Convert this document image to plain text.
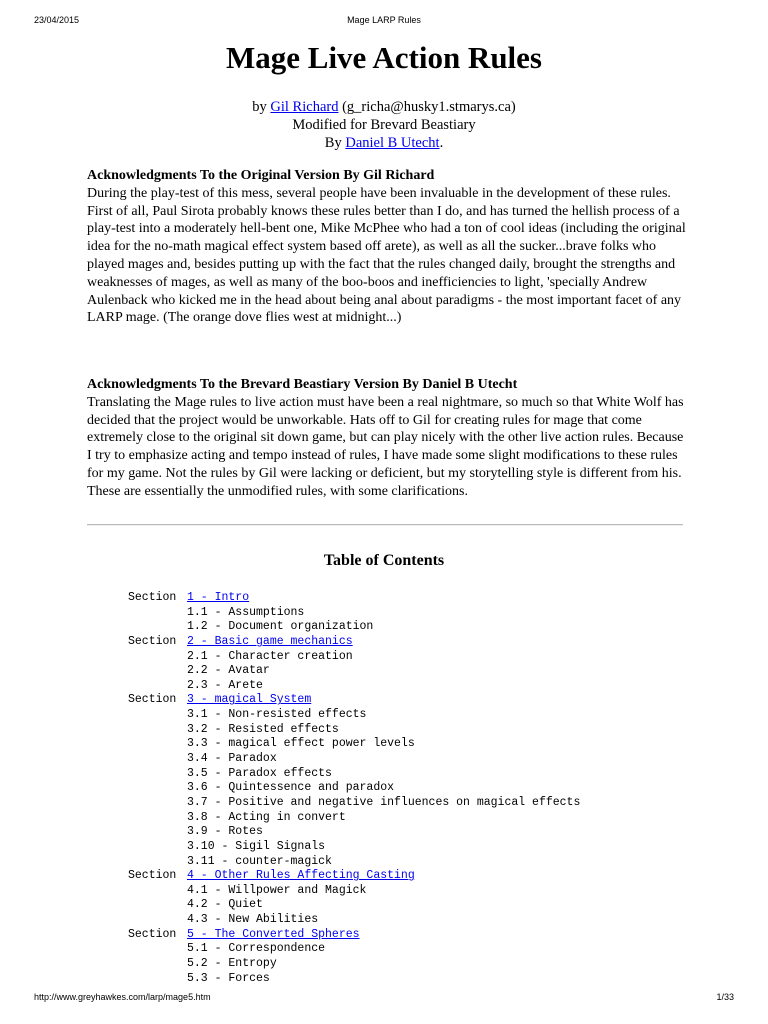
23/04/2015	Mage LARP Rules
Mage Live Action Rules
by Gil Richard (g_richa@husky1.stmarys.ca)
Modified for Brevard Beastiary
By Daniel B Utecht.
Acknowledgments To the Original Version By Gil Richard

During the play-test of this mess, several people have been invaluable in the development of these rules. First of all, Paul Sirota probably knows these rules better than I do, and has turned the hellish process of a play-test into a moderately hell-bent one, Mike McPhee who had a ton of cool ideas (including the original idea for the no-math magical effect system based off arete), as well as all the sucker...brave folks who played mages and, besides putting up with the fact that the rules changed daily, brought the strengths and weaknesses of mages, as well as many of the boo-boos and inefficiencies to light, 'specially Andrew Aulenback who kicked me in the head about being anal about paradigms - the most important facet of any LARP mage. (The orange dove flies west at midnight...)

Acknowledgments To the Brevard Beastiary Version By Daniel B Utecht

Translating the Mage rules to live action must have been a real nightmare, so much so that White Wolf has decided that the project would be unworkable. Hats off to Gil for creating rules for mage that come extremely close to the original sit down game, but can play nicely with the other live action rules. Because I try to emphasize acting and tempo instead of rules, I have made some slight modifications to these rules for my game. Not the rules by Gil were lacking or deficient, but my storytelling style is different from his. These are essentially the unmodified rules, with some clarifications.

Table of Contents
Section 1 - Intro
1.1 - Assumptions
1.2 - Document organization
Section 2 - Basic game mechanics
2.1 - Character creation
2.2 - Avatar
2.3 - Arete
Section 3 - magical System
3.1 - Non-resisted effects
3.2 - Resisted effects
3.3 - magical effect power levels
3.4 - Paradox
3.5 - Paradox effects
3.6 - Quintessence and paradox
3.7 - Positive and negative influences on magical effects
3.8 - Acting in convert
3.9 - Rotes
3.10 - Sigil Signals
3.11 - counter-magick
Section 4 - Other Rules Affecting Casting
4.1 - Willpower and Magick
4.2 - Quiet
4.3 - New Abilities
Section 5 - The Converted Spheres
5.1 - Correspondence
5.2 - Entropy
5.3 - Forces
http://www.greyhawkes.com/larp/mage5.htm	1/33
